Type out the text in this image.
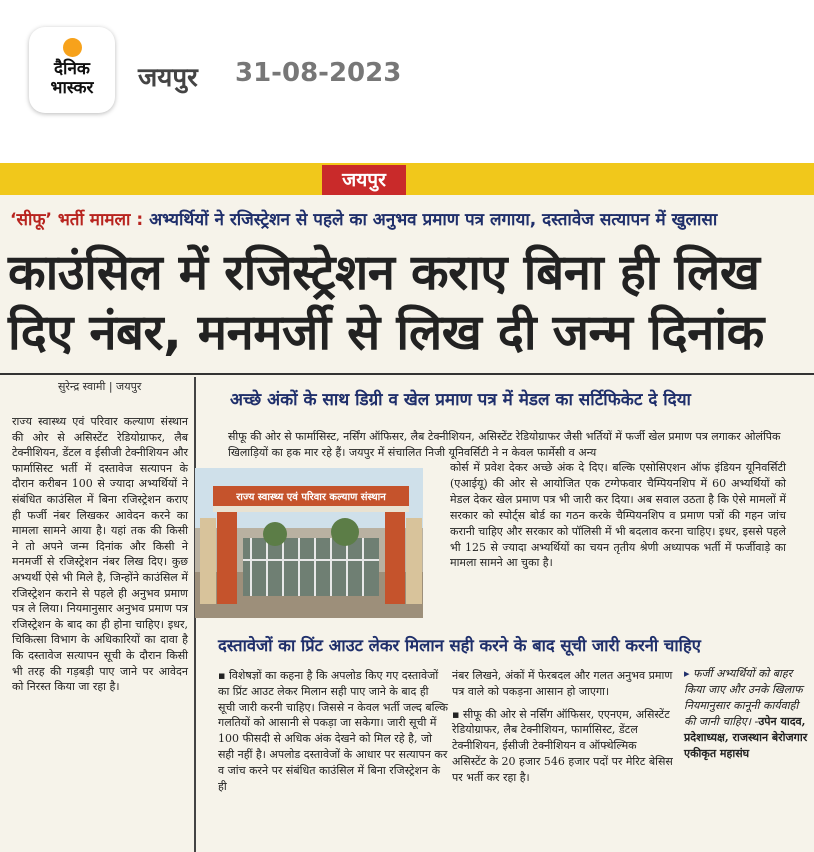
दैनिक
भास्कर	जयपुर 31-08-2023
जयपुर
‘सीफू’ भर्ती मामला : अभ्यर्थियों ने रजिस्ट्रेशन से पहले का अनुभव प्रमाण पत्र लगाया, दस्तावेज सत्यापन में खुलासा
काउंसिल में रजिस्ट्रेशन कराए बिना ही लिख दिए नंबर, मनमर्जी से लिख दी जन्म दिनांक
सुरेन्द्र स्वामी | जयपुर
राज्य स्वास्थ्य एवं परिवार कल्याण संस्थान की ओर से असिस्टेंट रेडियोग्राफर, लैब टेक्नीशियन, डेंटल व ईसीजी टेक्नीशियन और फार्मासिस्ट भर्ती में दस्तावेज सत्यापन के दौरान करीबन 100 से ज्यादा अभ्यर्थियों ने संबंधित काउंसिल में बिना रजिस्ट्रेशन कराए ही फर्जी नंबर लिखकर आवेदन करने का मामला सामने आया है। यहां तक की किसी ने तो अपने जन्म दिनांक और किसी ने मनमर्जी से रजिस्ट्रेशन नंबर लिख दिए। कुछ अभ्यर्थी ऐसे भी मिले है, जिन्होंने काउंसिल में रजिस्ट्रेशन कराने से पहले ही अनुभव प्रमाण पत्र ले लिया। नियमानुसार अनुभव प्रमाण पत्र रजिस्ट्रेशन के बाद का ही होना चाहिए। इधर, चिकित्सा विभाग के अधिकारियों का दावा है कि दस्तावेज सत्यापन सूची के दौरान किसी भी तरह की गड़बड़ी पाए जाने पर आवेदन को निरस्त किया जा रहा है।
अच्छे अंकों के साथ डिग्री व खेल प्रमाण पत्र में मेडल का सर्टिफिकेट दे दिया
सीफू की ओर से फार्मासिस्ट, नर्सिंग ऑफिसर, लैब टेक्नीशियन, असिस्टेंट रेडियोग्राफर जैसी भर्तियों में फर्जी खेल प्रमाण पत्र लगाकर ओलंपिक खिलाड़ियों का हक मार रहे हैं। जयपुर में संचालित निजी यूनिवर्सिटी ने न केवल फार्मेसी व अन्य
राज्य स्वास्थ्य एवं परिवार कल्याण संस्थान
कोर्स में प्रवेश देकर अच्छे अंक दे दिए। बल्कि एसोसिएशन ऑफ इंडियन यूनिवर्सिटी (एआईयू) की ओर से आयोजित एक टग्गेफवार चैम्पियनशिप में 60 अभ्यर्थियों को मेडल देकर खेल प्रमाण पत्र भी जारी कर दिया। अब सवाल उठता है कि ऐसे मामलों में सरकार को स्पोर्ट्स बोर्ड का गठन करके चैम्पियनशिप व प्रमाण पत्रों की गहन जांच करानी चाहिए और सरकार को पॉलिसी में भी बदलाव करना चाहिए। इधर, इससे पहले भी 125 से ज्यादा अभ्यर्थियों का चयन तृतीय श्रेणी अध्यापक भर्ती में फर्जीवाड़े का मामला सामने आ चुका है।
दस्तावेजों का प्रिंट आउट लेकर मिलान सही करने के बाद सूची जारी करनी चाहिए
▪ विशेषज्ञों का कहना है कि अपलोड किए गए दस्तावेजों का प्रिंट आउट लेकर मिलान सही पाए जाने के बाद ही सूची जारी करनी चाहिए। जिससे न केवल भर्ती जल्द बल्कि गलतियों को आसानी से पकड़ा जा सकेगा। जारी सूची में 100 फीसदी से अधिक अंक देखने को मिल रहे है, जो सही नहीं है। अपलोड दस्तावेजों के आधार पर सत्यापन कर व जांच करने पर संबंधित काउंसिल में बिना रजिस्ट्रेशन के ही

नंबर लिखने, अंकों में फेरबदल और गलत अनुभव प्रमाण पत्र वाले को पकड़ना आसान हो जाएगा।

▪ सीफू की ओर से नर्सिंग ऑफिसर, एएनएम, असिस्टेंट रेडियोग्राफर, लैब टेक्नीशियन, फार्मासिस्ट, डेंटल टेक्नीशियन, ईसीजी टेक्नीशियन व ऑफ्थेल्मिक असिस्टेंट के 20 हजार 546 हजार पदों पर मेरिट बेसिस पर भर्ती कर रहा है।

▸ फर्जी अभ्यर्थियों को बाहर किया जाए और उनके खिलाफ नियमानुसार कानूनी कार्यवाही की जानी चाहिए। -उपेन यादव, प्रदेशाध्यक्ष, राजस्थान बेरोजगार एकीकृत महासंघ
